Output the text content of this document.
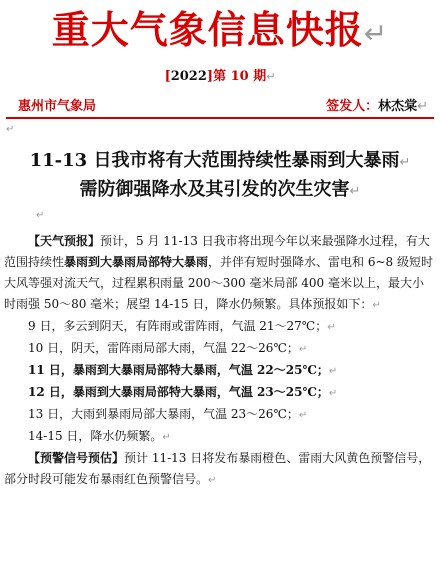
重大气象信息快报↵
[2022]第 10 期↵
惠州市气象局	签发人：林杰棠↵
↵
11-13 日我市将有大范围持续性暴雨到大暴雨↵
需防御强降水及其引发的次生灾害↵
↵

【天气预报】预计，5 月 11-13 日我市将出现今年以来最强降水过程，有大范围持续性暴雨到大暴雨局部特大暴雨，并伴有短时强降水、雷电和 6~8 级短时大风等强对流天气，过程累积雨量 200～300 毫米局部 400 毫米以上，最大小时雨强 50～80 毫米；展望 14-15 日，降水仍频繁。具体预报如下：↵

9 日，多云到阴天，有阵雨或雷阵雨，气温 21～27℃；↵

10 日，阴天，雷阵雨局部大雨，气温 22～26℃；↵

11 日，暴雨到大暴雨局部特大暴雨，气温 22～25℃；↵

12 日，暴雨到大暴雨局部特大暴雨，气温 23～25℃；↵

13 日，大雨到暴雨局部大暴雨，气温 23～26℃；↵

14-15 日，降水仍频繁。↵

【预警信号预估】预计 11-13 日将发布暴雨橙色、雷雨大风黄色预警信号，部分时段可能发布暴雨红色预警信号。↵
